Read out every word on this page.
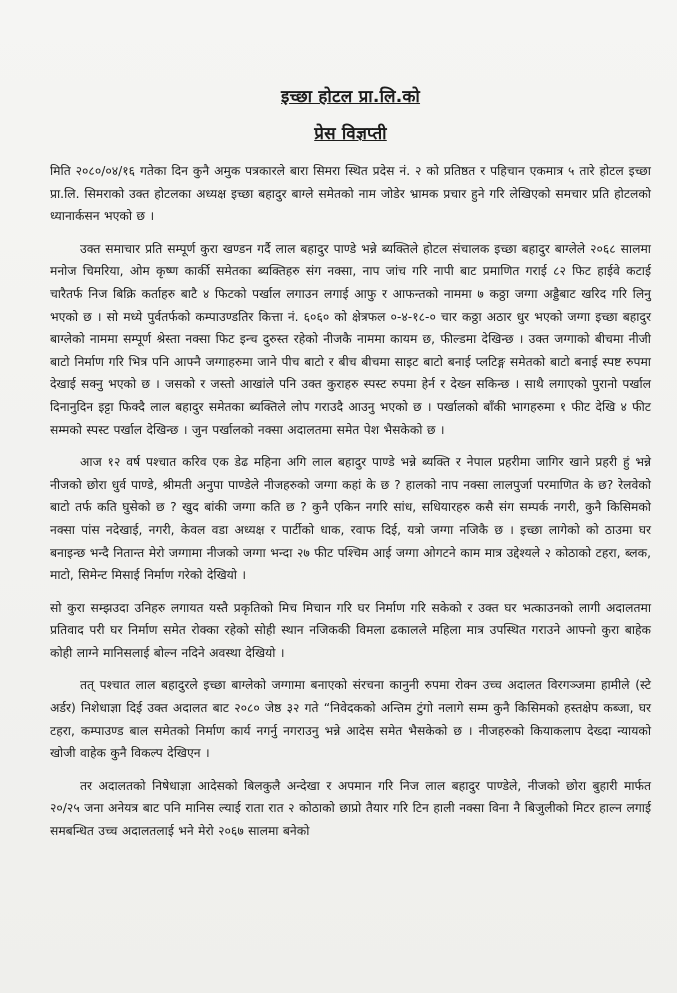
इच्छा होटल प्रा.लि.को
प्रेस विज्ञप्ती

मिति २०८०/०४/१६ गतेका दिन कुनै अमुक पत्रकारले बारा सिमरा स्थित प्रदेस नं. २ को प्रतिष्ठत र पहिचान एकमात्र ५ तारे होटल इच्छा प्रा.लि. सिमराको उक्त होटलका अध्यक्ष इच्छा बहादुर बाग्ले समेतको नाम जोडेर भ्रामक प्रचार हुने गरि लेखिएको समचार प्रति होटलको ध्यानार्कसन भएको छ ।

उक्त समाचार प्रति सम्पूर्ण कुरा खण्डन गर्दै लाल बहादुर पाण्डे भन्ने ब्यक्तिले होटल संचालक इच्छा बहादुर बाग्लेले २०६८ सालमा मनोज चिमरिया, ओम कृष्ण कार्की समेतका ब्यक्तिहरु संग नक्सा, नाप जांच गरि नापी बाट प्रमाणित गराई ८२ फिट हाईवे कटाई चारैतर्फ निज बिक्रि कर्ताहरु बाटै ४ फिटको पर्खाल लगाउन लगाई आफु र आफन्तको नाममा ७ कठ्ठा जग्गा अड्डैबाट खरिद गरि लिनु भएको छ । सो मध्ये पुर्वतर्फको कम्पाउण्डतिर कित्ता नं. ६०६० को क्षेत्रफल ०-४-१८-० चार कठ्ठा अठार धुर भएको जग्गा इच्छा बहादुर बाग्लेको नाममा सम्पूर्ण श्रेस्ता नक्सा फिट इन्च दुरुस्त रहेको नीजकै नाममा कायम छ, फील्डमा देखिन्छ । उक्त जग्गाको बीचमा नीजी बाटो निर्माण गरि भित्र पनि आफ्नै जग्गाहरुमा जाने पीच बाटो र बीच बीचमा साइट बाटो बनाई प्लटिङ्ग समेतको बाटो बनाई स्पष्ट रुपमा देखाई सक्नु भएको छ । जसको र जस्तो आखांले पनि उक्त कुराहरु स्पस्ट रुपमा हेर्न र देख्न सकिन्छ । साथै लगाएको पुरानो पर्खाल दिनानुदिन इट्टा फिक्दै लाल बहादुर समेतका ब्यक्तिले लोप गराउदै आउनु भएको छ । पर्खालको बाँकी भागहरुमा १ फीट देखि ४ फीट सम्मको स्पस्ट पर्खाल देखिन्छ । जुन पर्खालको नक्सा अदालतमा समेत पेश भैसकेको छ ।

आज १२ वर्ष पश्चात करिव एक डेढ महिना अगि लाल बहादुर पाण्डे भन्ने ब्यक्ति र नेपाल प्रहरीमा जागिर खाने प्रहरी हुं भन्ने नीजको छोरा धुर्व पाण्डे, श्रीमती अनुपा पाण्डेले नीजहरुको जग्गा कहां के छ ? हालको नाप नक्सा लालपुर्जा परमाणित के छ? रेलवेको बाटो तर्फ कति घुसेको छ ? खुद बांकी जग्गा कति छ ? कुनै एकिन नगरि सांध, सधियारहरु कसै संग सम्पर्क नगरी, कुनै किसिमको नक्सा पांस नदेखाई, नगरी, केवल वडा अध्यक्ष र पार्टीको धाक, रवाफ दिई, यत्रो जग्गा नजिकै छ । इच्छा लागेको को ठाउमा घर बनाइन्छ भन्दै नितान्त मेरो जग्गामा नीजको जग्गा भन्दा २७ फीट पश्चिम आई जग्गा ओगटने काम मात्र उद्देश्यले २ कोठाको टहरा, ब्लक, माटो, सिमेन्ट मिसाई निर्माण गरेको देखियो ।

सो कुरा सम्झउदा उनिहरु लगायत यस्तै प्रकृतिको मिच मिचान गरि घर निर्माण गरि सकेको र उक्त घर भत्काउनको लागी अदालतमा प्रतिवाद परी घर निर्माण समेत रोक्का रहेको सोही स्थान नजिककी विमला ढकालले महिला मात्र उपस्थित गराउने आफ्नो कुरा बाहेक कोही लाग्ने मानिसलाई बोल्न नदिने अवस्था देखियो ।

तत् पश्चात लाल बहादुरले इच्छा बाग्लेको जग्गामा बनाएको संरचना कानुनी रुपमा रोक्न उच्च अदालत विरगञ्जमा हामीले (स्टे अर्डर) निशेधाज्ञा दिई उक्त अदालत बाट २०८० जेष्ठ ३२ गते “निवेदकको अन्तिम टुंगो नलागे सम्म कुनै किसिमको हस्तक्षेप कब्जा, घर टहरा, कम्पाउण्ड बाल समेतको निर्माण कार्य नगर्नु नगराउनु भन्ने आदेस समेत भैसकेको छ । नीजहरुको कियाकलाप देख्दा न्यायको खोजी वाहेक कुनै विकल्प देखिएन ।

तर अदालतको निषेधाज्ञा आदेसको बिलकुलै अन्देखा र अपमान गरि निज लाल बहादुर पाण्डेले, नीजको छोरा बुहारी मार्फत २०/२५ जना अनेयत्र बाट पनि मानिस ल्याई राता रात २ कोठाको छाप्रो तैयार गरि टिन हाली नक्सा विना नै बिजुलीको मिटर हाल्न लगाई समबन्धित उच्च अदालतलाई भने मेरो २०६७ सालमा बनेको
